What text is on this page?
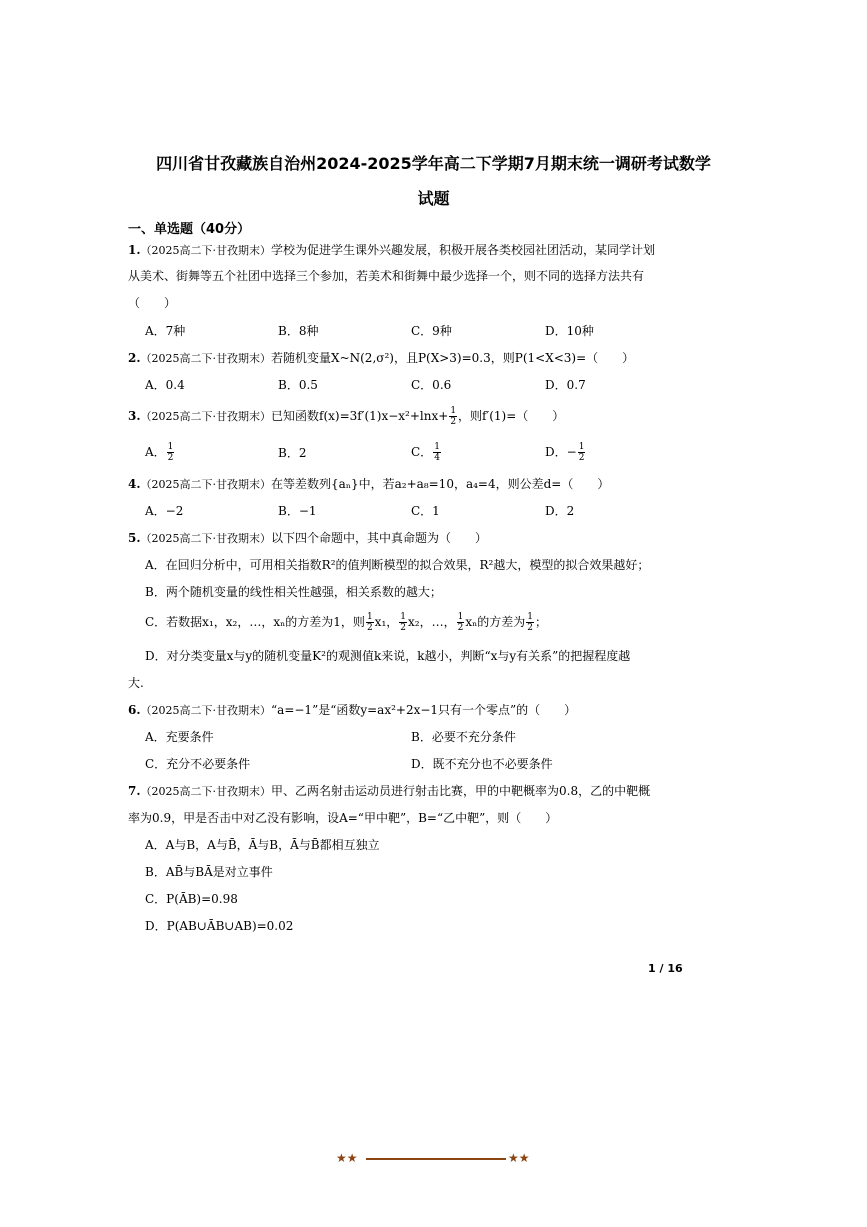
四川省甘孜藏族自治州2024-2025学年高二下学期7月期末统一调研考试数学
试题
一、单选题（40分）
1.（2025高二下·甘孜期末）学校为促进学生课外兴趣发展，积极开展各类校园社团活动，某同学计划
从美术、街舞等五个社团中选择三个参加，若美术和街舞中最少选择一个，则不同的选择方法共有
（　　）
A．7种	B．8种	C．9种	D．10种
2.（2025高二下·甘孜期末）若随机变量X~N(2,σ²)，且P(X>3)=0.3，则P(1<X<3)=（　　）
A．0.4	B．0.5	C．0.6	D．0.7
3.（2025高二下·甘孜期末）已知函数$f(x)=3f'(1)x-x^2+\ln x+ \frac{1}{2}$ ，则f′(1)=（　　）
A． $\frac{1}{2}$	B．2	C． $\frac{1}{4}$	D．− $\frac{1}{2}$
4.（2025高二下·甘孜期末）在等差数列{aₙ}中，若a₂+a₈=10，a₄=4，则公差d=（　　）
A．−2	B．−1	C．1	D．2
5.（2025高二下·甘孜期末）以下四个命题中，其中真命题为（　　）
A．在回归分析中，可用相关指数R²的值判断模型的拟合效果，R²越大，模型的拟合效果越好；
B．两个随机变量的线性相关性越强，相关系数的越大；
C．若数据x₁，x₂，…，xₙ的方差为1，则 $\frac{1}{2} x_1$， $\frac{1}{2} x_2$，…， $\frac{1}{2}$ xₙ的方差为 $\frac{1}{2}$ ；
D．对分类变量x与y的随机变量K²的观测值k来说，k越小，判断“x与y有关系”的把握程度越
大.
6.（2025高二下·甘孜期末）“a=−1”是“函数y=ax²+2x−1只有一个零点”的（　　）
A．充要条件	B．必要不充分条件
C．充分不必要条件	D．既不充分也不必要条件
7.（2025高二下·甘孜期末）甲、乙两名射击运动员进行射击比赛，甲的中靶概率为0.8，乙的中靶概
率为0.9，甲是否击中对乙没有影响，设A=“甲中靶”，B=“乙中靶”，则（　　）
A．A与B，A与B̄，Ā与B，Ā与B̄都相互独立
B．AB̄与BĀ是对立事件
C．P(ĀB)=0.98
D．P(AB∪ĀB∪AB)=0.02
1 / 16
★★	★★
